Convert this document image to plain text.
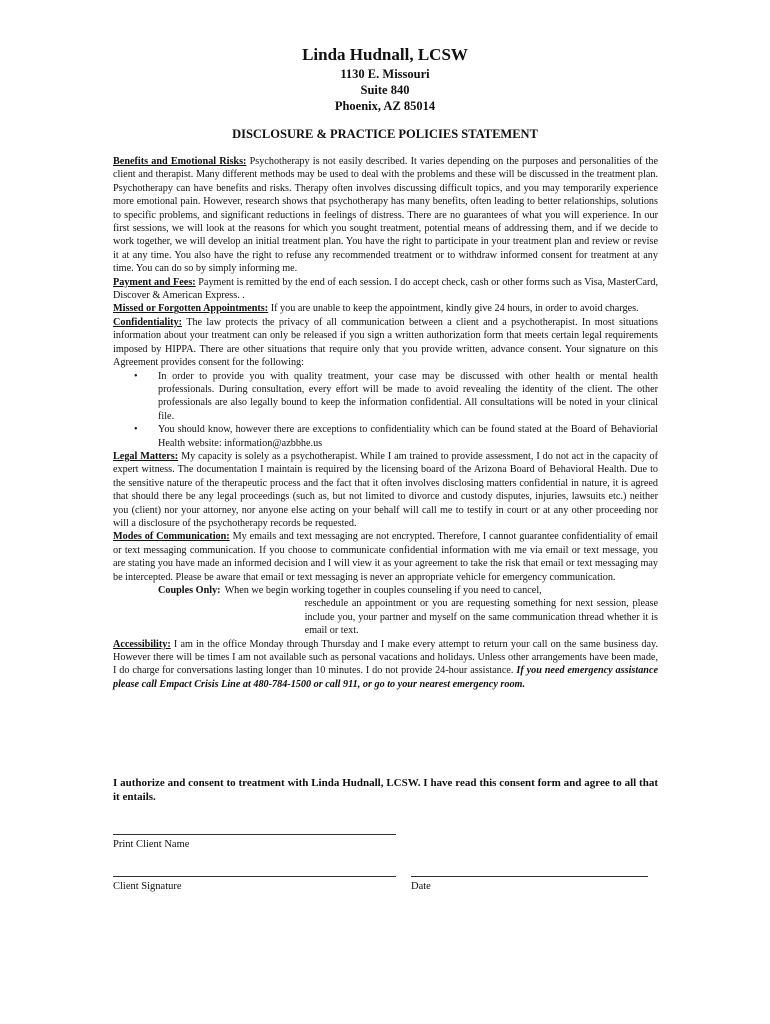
Linda Hudnall, LCSW
1130 E. Missouri
Suite 840
Phoenix, AZ 85014
DISCLOSURE & PRACTICE POLICIES STATEMENT

Benefits and Emotional Risks: Psychotherapy is not easily described. It varies depending on the purposes and personalities of the client and therapist. Many different methods may be used to deal with the problems and these will be discussed in the treatment plan. Psychotherapy can have benefits and risks. Therapy often involves discussing difficult topics, and you may temporarily experience more emotional pain. However, research shows that psychotherapy has many benefits, often leading to better relationships, solutions to specific problems, and significant reductions in feelings of distress. There are no guarantees of what you will experience. In our first sessions, we will look at the reasons for which you sought treatment, potential means of addressing them, and if we decide to work together, we will develop an initial treatment plan. You have the right to participate in your treatment plan and review or revise it at any time. You also have the right to refuse any recommended treatment or to withdraw informed consent for treatment at any time. You can do so by simply informing me.

Payment and Fees: Payment is remitted by the end of each session. I do accept check, cash or other forms such as Visa, MasterCard, Discover & American Express. .

Missed or Forgotten Appointments: If you are unable to keep the appointment, kindly give 24 hours, in order to avoid charges.

Confidentiality: The law protects the privacy of all communication between a client and a psychotherapist. In most situations information about your treatment can only be released if you sign a written authorization form that meets certain legal requirements imposed by HIPPA. There are other situations that require only that you provide written, advance consent. Your signature on this Agreement provides consent for the following:

• In order to provide you with quality treatment, your case may be discussed with other health or mental health professionals. During consultation, every effort will be made to avoid revealing the identity of the client. The other professionals are also legally bound to keep the information confidential. All consultations will be noted in your clinical file.
• You should know, however there are exceptions to confidentiality which can be found stated at the Board of Behaviorial Health website: information@azbbhe.us

Legal Matters: My capacity is solely as a psychotherapist. While I am trained to provide assessment, I do not act in the capacity of expert witness. The documentation I maintain is required by the licensing board of the Arizona Board of Behavioral Health. Due to the sensitive nature of the therapeutic process and the fact that it often involves disclosing matters confidential in nature, it is agreed that should there be any legal proceedings (such as, but not limited to divorce and custody disputes, injuries, lawsuits etc.) neither you (client) nor your attorney, nor anyone else acting on your behalf will call me to testify in court or at any other proceeding nor will a disclosure of the psychotherapy records be requested.

Modes of Communication: My emails and text messaging are not encrypted. Therefore, I cannot guarantee confidentiality of email or text messaging communication. If you choose to communicate confidential information with me via email or text message, you are stating you have made an informed decision and I will view it as your agreement to take the risk that email or text messaging may be intercepted. Please be aware that email or text messaging is never an appropriate vehicle for emergency communication.

Couples Only: When we begin working together in couples counseling if you need to cancel,
reschedule an appointment or you are requesting something for next session, please include you, your partner and myself on the same communication thread whether it is email or text.

Accessibility: I am in the office Monday through Thursday and I make every attempt to return your call on the same business day. However there will be times I am not available such as personal vacations and holidays. Unless other arrangements have been made, I do charge for conversations lasting longer than 10 minutes. I do not provide 24-hour assistance. If you need emergency assistance please call Empact Crisis Line at 480-784-1500 or call 911, or go to your nearest emergency room.

I authorize and consent to treatment with Linda Hudnall, LCSW. I have read this consent form and agree to all that it entails.
Print Client Name
Client Signature	Date
